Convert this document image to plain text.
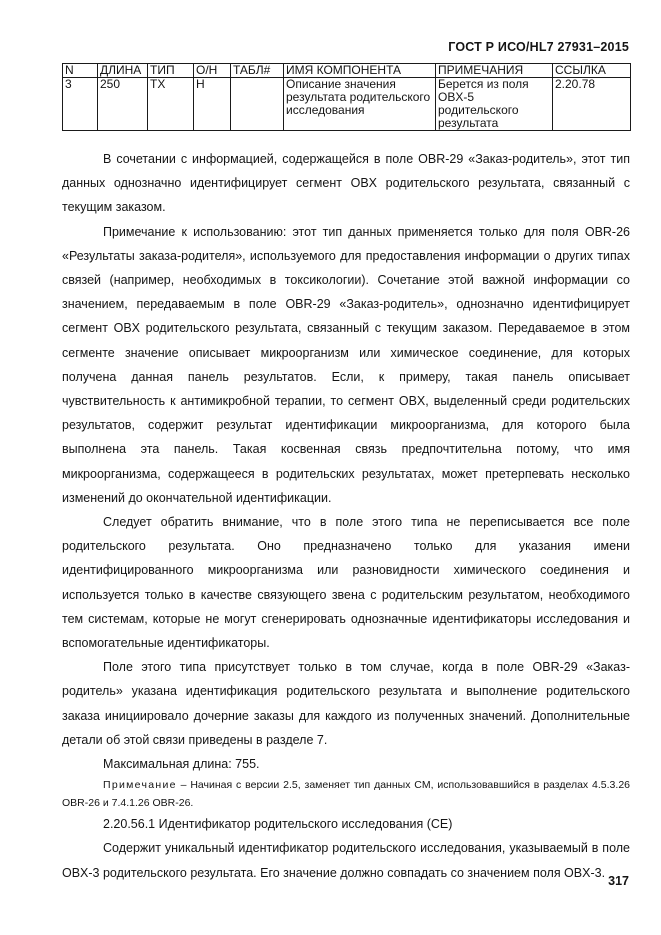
ГОСТ Р ИСО/HL7 27931–2015
N	ДЛИНА	ТИП	О/Н	ТАБЛ#	ИМЯ КОМПОНЕНТА	ПРИМЕЧАНИЯ	ССЫЛКА
3	250	TX	H		Описание значения результата родительского исследования	Берется из поля OBX-5 родительского результата	2.20.78

В сочетании с информацией, содержащейся в поле OBR-29 «Заказ-родитель», этот тип данных однозначно идентифицирует сегмент OBX родительского результата, связанный с текущим заказом.

Примечание к использованию: этот тип данных применяется только для поля OBR-26 «Результаты заказа-родителя», используемого для предоставления информации о других типах связей (например, необходимых в токсикологии). Сочетание этой важной информации со значением, передаваемым в поле OBR-29 «Заказ-родитель», однозначно идентифицирует сегмент OBX родительского результата, связанный с текущим заказом. Передаваемое в этом сегменте значение описывает микроорганизм или химическое соединение, для которых получена данная панель результатов. Если, к примеру, такая панель описывает чувствительность к антимикробной терапии, то сегмент OBX, выделенный среди родительских результатов, содержит результат идентификации микроорганизма, для которого была выполнена эта панель. Такая косвенная связь предпочтительна потому, что имя микроорганизма, содержащееся в родительских результатах, может претерпевать несколько изменений до окончательной идентификации.

Следует обратить внимание, что в поле этого типа не переписывается все поле родительского результата. Оно предназначено только для указания имени идентифицированного микроорганизма или разновидности химического соединения и используется только в качестве связующего звена с родительским результатом, необходимого тем системам, которые не могут сгенерировать однозначные идентификаторы исследования и вспомогательные идентификаторы.

Поле этого типа присутствует только в том случае, когда в поле OBR-29 «Заказ-родитель» указана идентификация родительского результата и выполнение родительского заказа инициировало дочерние заказы для каждого из полученных значений. Дополнительные детали об этой связи приведены в разделе 7.

Максимальная длина: 755.

Примечание – Начиная с версии 2.5, заменяет тип данных CM, использовавшийся в разделах 4.5.3.26 OBR-26 и 7.4.1.26 OBR-26.

2.20.56.1 Идентификатор родительского исследования (CE)

Содержит уникальный идентификатор родительского исследования, указываемый в поле OBX-3 родительского результата. Его значение должно совпадать со значением поля OBX-3.

317
